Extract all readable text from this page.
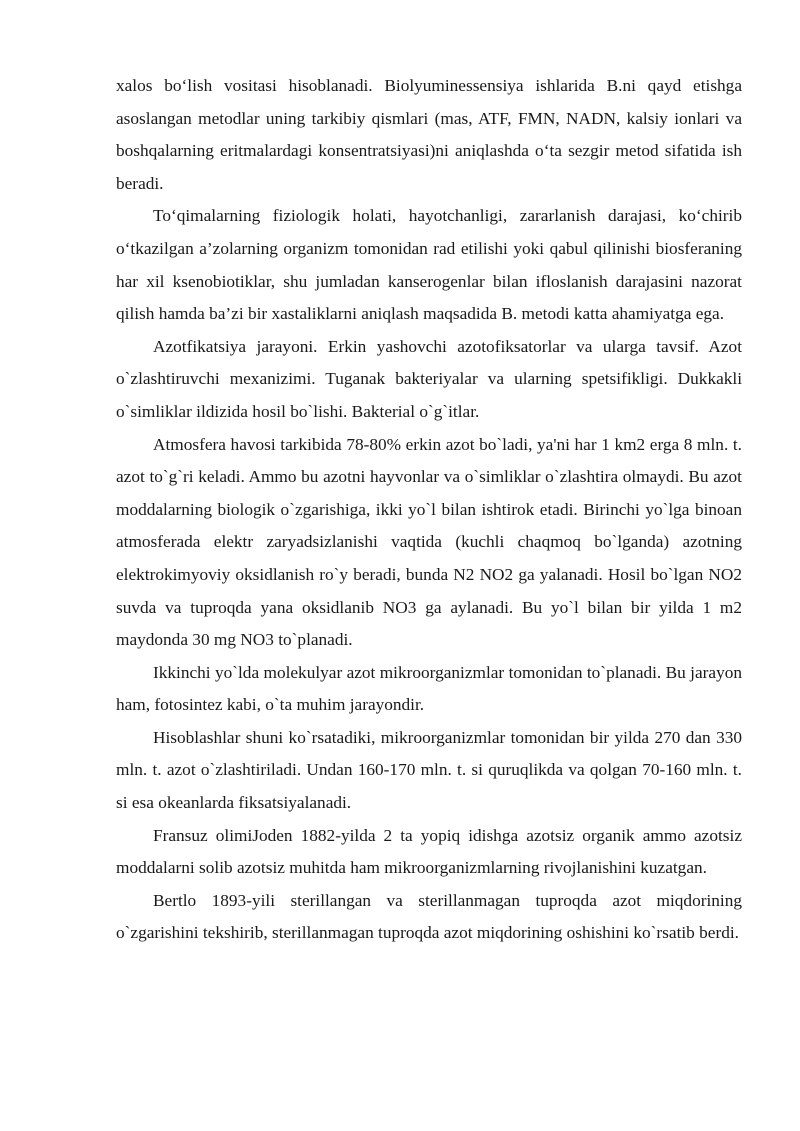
xalos bo‘lish vositasi hisoblanadi. Biolyuminessensiya ishlarida B.ni qayd etishga asoslangan metodlar uning tarkibiy qismlari (mas, ATF, FMN, NADN, kalsiy ionlari va boshqalarning eritmalardagi konsentratsiyasi)ni aniqlashda o‘ta sezgir metod sifatida ish beradi.

To‘qimalarning fiziologik holati, hayotchanligi, zararlanish darajasi, ko‘chirib o‘tkazilgan a’zolarning organizm tomonidan rad etilishi yoki qabul qilinishi biosferaning har xil ksenobiotiklar, shu jumladan kanserogenlar bilan ifloslanish darajasini nazorat qilish hamda ba’zi bir xastaliklarni aniqlash maqsadida B. metodi katta ahamiyatga ega.

Azotfikatsiya jarayoni. Erkin yashovchi azotofiksatorlar va ularga tavsif. Azot o`zlashtiruvchi mexanizimi. Tuganak bakteriyalar va ularning spetsifikligi. Dukkakli o`simliklar ildizida hosil bo`lishi. Bakterial o`g`itlar.

Atmosfera havosi tarkibida 78-80% erkin azot bo`ladi, ya'ni har 1 km2 erga 8 mln. t. azot to`g`ri keladi. Ammo bu azotni hayvonlar va o`simliklar o`zlashtira olmaydi. Bu azot moddalarning biologik o`zgarishiga, ikki yo`l bilan ishtirok etadi. Birinchi yo`lga binoan atmosferada elektr zaryadsizlanishi vaqtida (kuchli chaqmoq bo`lganda) azotning elektrokimyoviy oksidlanish ro`y beradi, bunda N2 NO2 ga yalanadi. Hosil bo`lgan NO2 suvda va tuproqda yana oksidlanib NO3 ga aylanadi. Bu yo`l bilan bir yilda 1 m2 maydonda 30 mg NO3 to`planadi.

Ikkinchi yo`lda molekulyar azot mikroorganizmlar tomonidan to`planadi. Bu jarayon ham, fotosintez kabi, o`ta muhim jarayondir.

Hisoblashlar shuni ko`rsatadiki, mikroorganizmlar tomonidan bir yilda 270 dan 330 mln. t. azot o`zlashtiriladi. Undan 160-170 mln. t. si quruqlikda va qolgan 70-160 mln. t. si esa okeanlarda fiksatsiyalanadi.

Fransuz olimiJoden 1882-yilda 2 ta yopiq idishga azotsiz organik ammo azotsiz moddalarni solib azotsiz muhitda ham mikroorganizmlarning rivojlanishini kuzatgan.

Bertlo 1893-yili sterillangan va sterillanmagan tuproqda azot miqdorining o`zgarishini tekshirib, sterillanmagan tuproqda azot miqdorining oshishini ko`rsatib berdi.
